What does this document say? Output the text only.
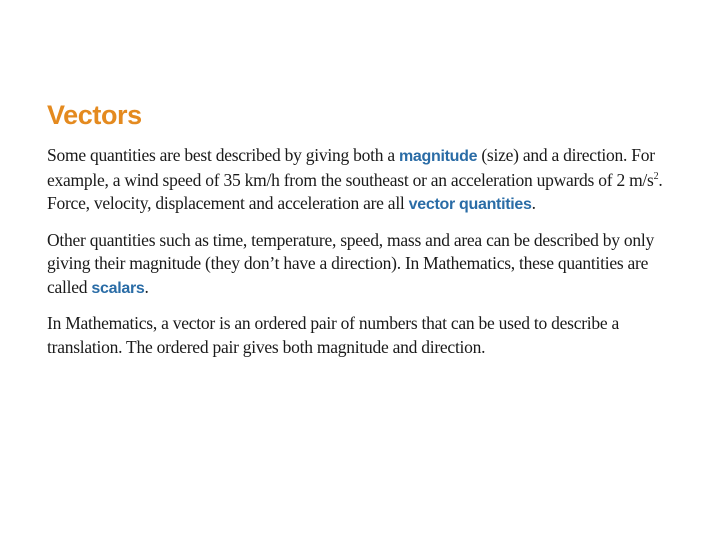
Vectors

Some quantities are best described by giving both a magnitude (size) and a direction. For example, a wind speed of 35 km/h from the southeast or an acceleration upwards of 2 $m/s^2$. Force, velocity, displacement and acceleration are all vector quantities.

Other quantities such as time, temperature, speed, mass and area can be described by only giving their magnitude (they don’t have a direction). In Mathematics, these quantities are called scalars.

In Mathematics, a vector is an ordered pair of numbers that can be used to describe a translation. The ordered pair gives both magnitude and direction.
